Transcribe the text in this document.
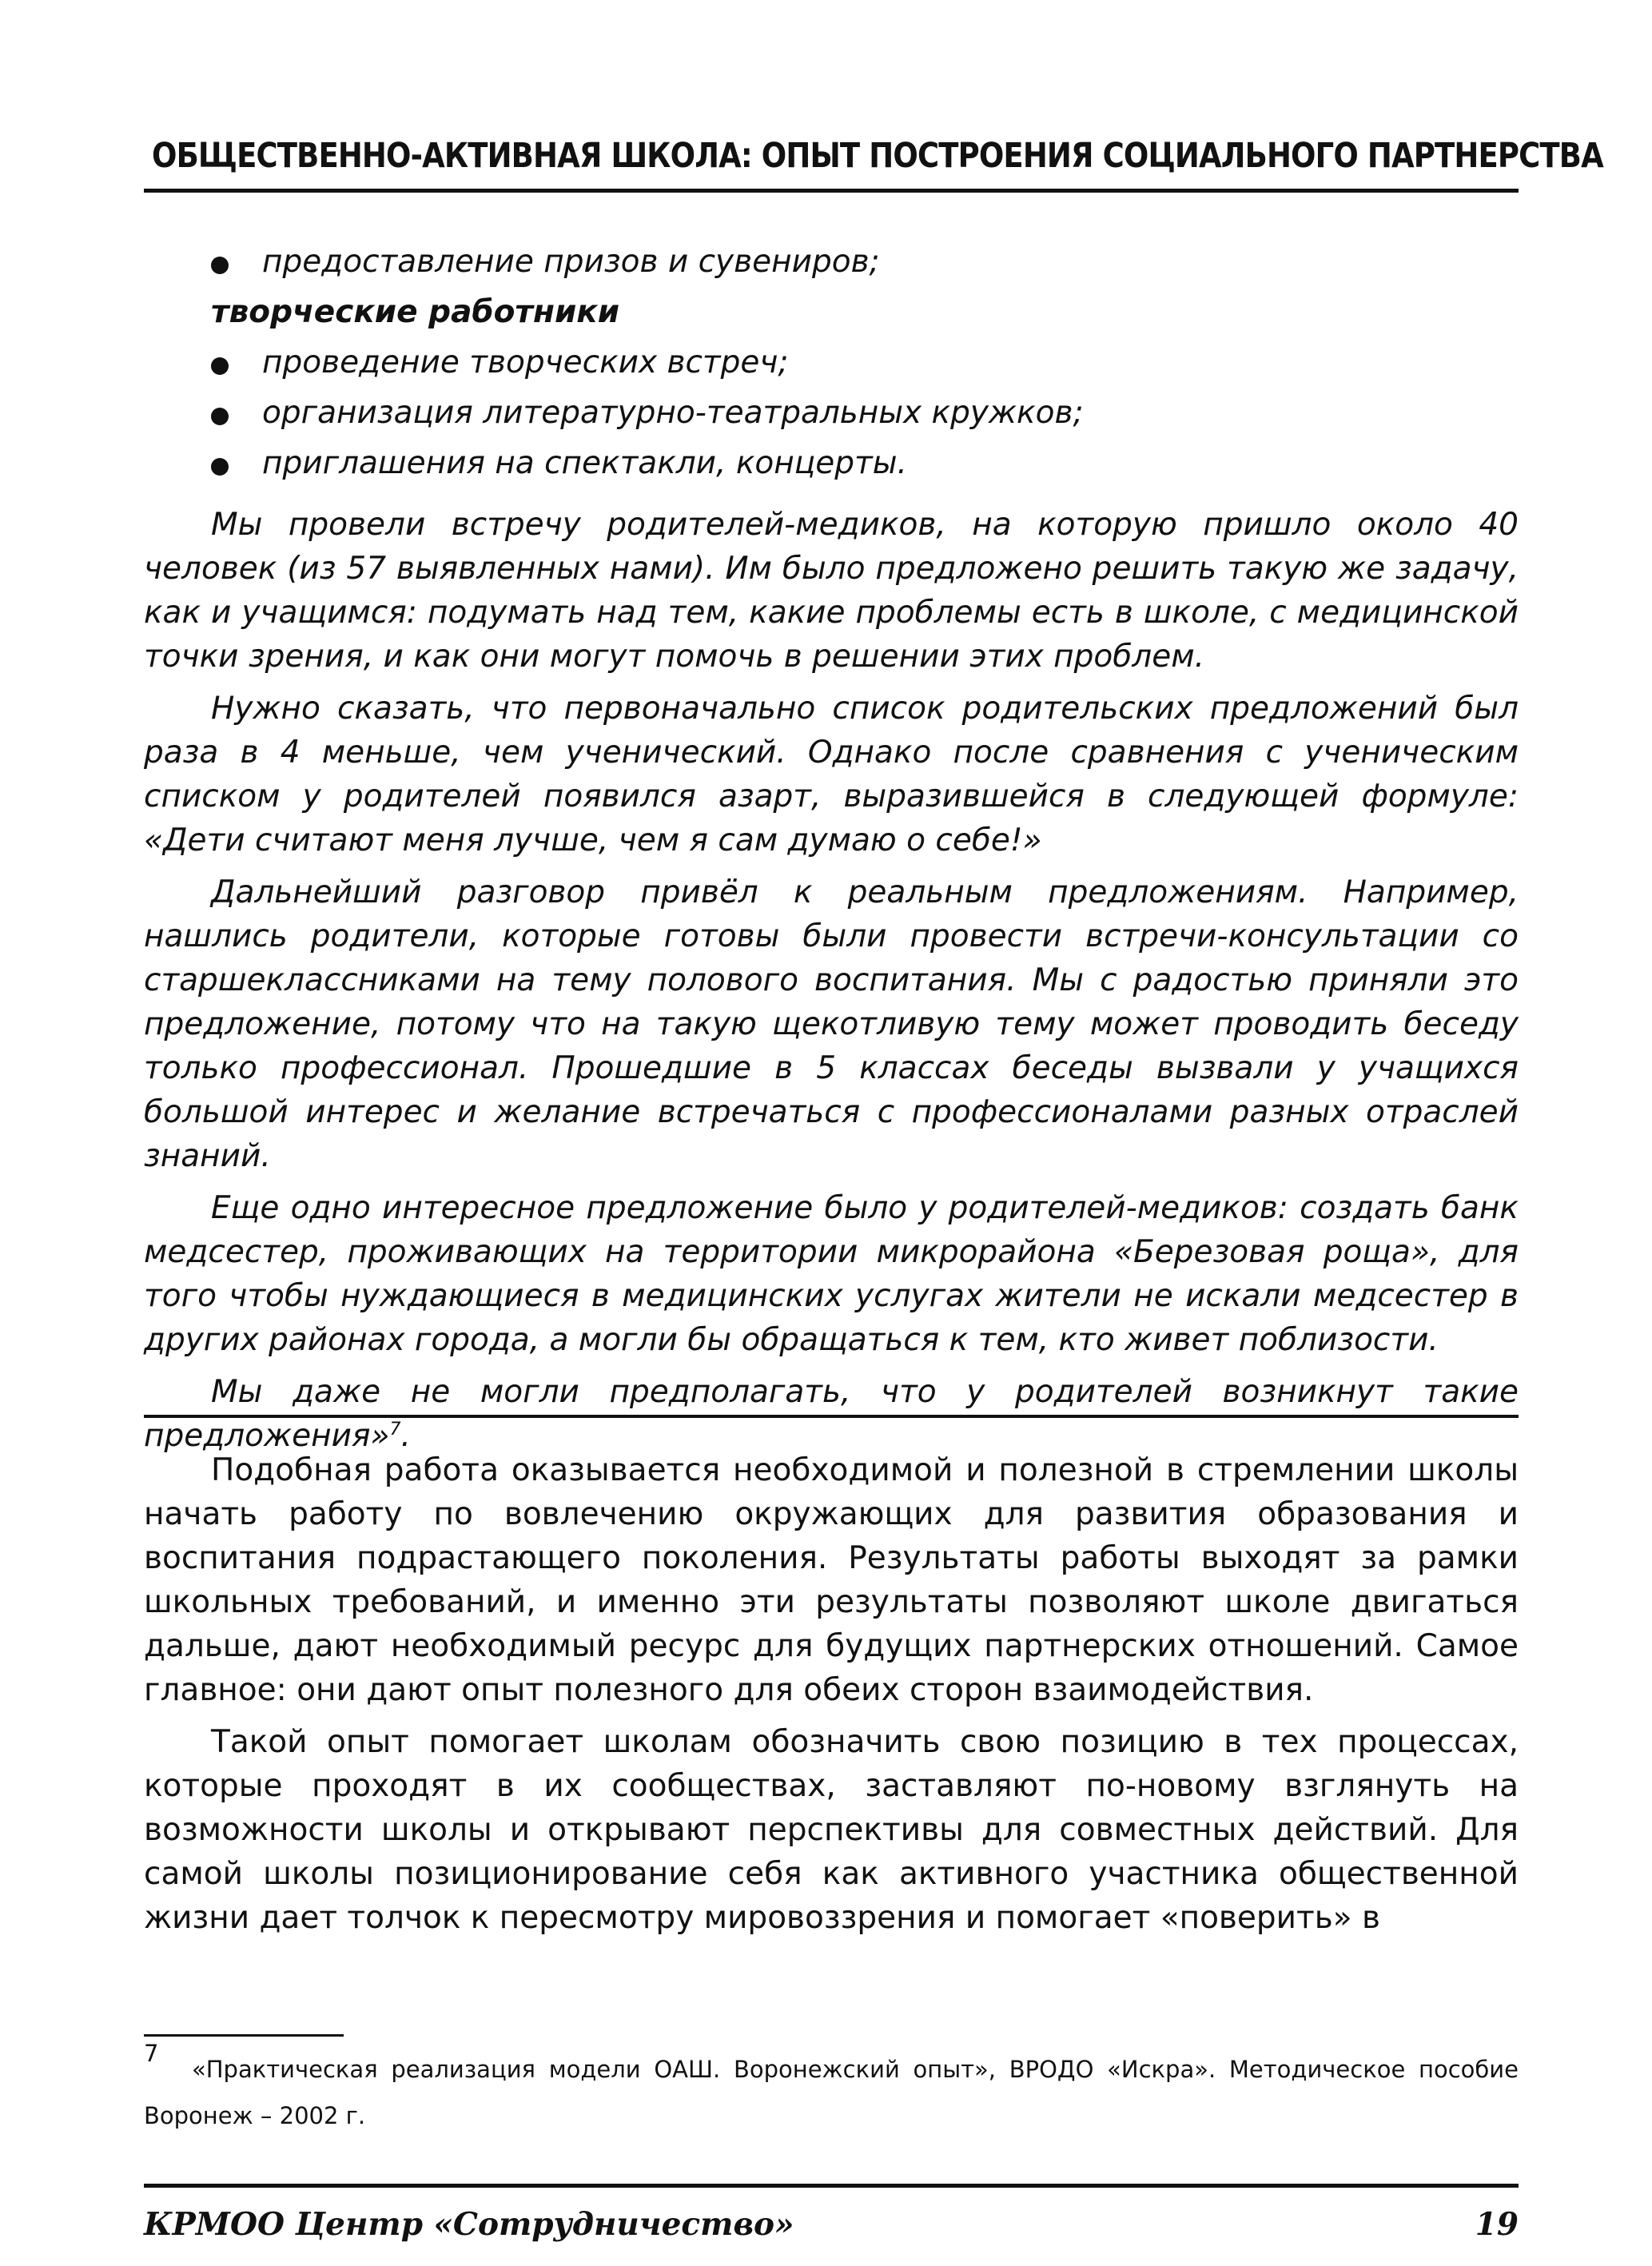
ОБЩЕСТВЕННО-АКТИВНАЯ ШКОЛА: ОПЫТ ПОСТРОЕНИЯ СОЦИАЛЬНОГО ПАРТНЕРСТВА
предоставление призов и сувениров;
творческие работники
проведение творческих встреч;
организация литературно-театральных кружков;
приглашения на спектакли, концерты.

Мы провели встречу родителей-медиков, на которую пришло около 40 человек (из 57 выявленных нами). Им было предложено решить такую же задачу, как и учащимся: подумать над тем, какие проблемы есть в школе, с медицинской точки зрения, и как они могут помочь в решении этих проблем.

Нужно сказать, что первоначально список родительских предложений был раза в 4 меньше, чем ученический. Однако после сравнения с ученическим списком у родителей появился азарт, выразившейся в следующей формуле: «Дети считают меня лучше, чем я сам думаю о себе!»

Дальнейший разговор привёл к реальным предложениям. Например, нашлись родители, которые готовы были провести встречи-консультации со старшеклассниками на тему полового воспитания. Мы с радостью приняли это предложение, потому что на такую щекотливую тему может проводить беседу только профессионал. Прошедшие в 5 классах беседы вызвали у учащихся большой интерес и желание встречаться с профессионалами разных отраслей знаний.

Еще одно интересное предложение было у родителей-медиков: создать банк медсестер, проживающих на территории микрорайона «Березовая роща», для того чтобы нуждающиеся в медицинских услугах жители не искали медсестер в других районах города, а могли бы обращаться к тем, кто живет поблизости.

Мы даже не могли предполагать, что у родителей возникнут такие предложения»$^7$.

Подобная работа оказывается необходимой и полезной в стремлении школы начать работу по вовлечению окружающих для развития образования и воспитания подрастающего поколения. Результаты работы выходят за рамки школьных требований, и именно эти результаты позволяют школе двигаться дальше, дают необходимый ресурс для будущих партнерских отношений. Самое главное: они дают опыт полезного для обеих сторон взаимодействия.

Такой опыт помогает школам обозначить свою позицию в тех процессах, которые проходят в их сообществах, заставляют по-новому взглянуть на возможности школы и открывают перспективы для совместных действий. Для самой школы позиционирование себя как активного участника общественной жизни дает толчок к пересмотру мировоззрения и помогает «поверить» в

7
«Практическая реализация модели ОАШ. Воронежский опыт», ВРОДО «Искра». Методическое пособие Воронеж – 2002 г.
КРМОО Центр «Сотрудничество»	19
